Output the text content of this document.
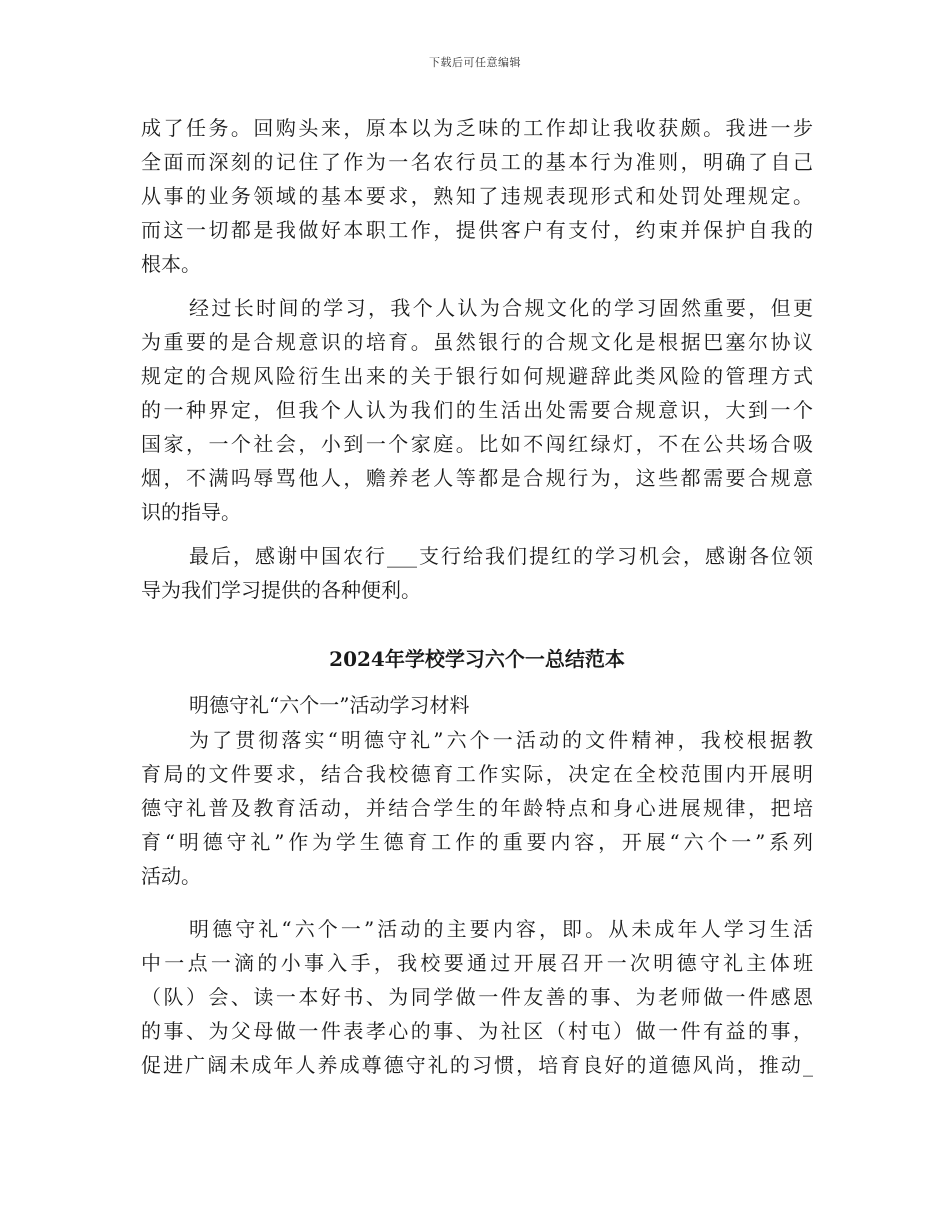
下载后可任意编辑
成了任务。回购头来，原本以为乏味的工作却让我收获颇。我进一步
全面而深刻的记住了作为一名农行员工的基本行为准则，明确了自己
从事的业务领域的基本要求，熟知了违规表现形式和处罚处理规定。
而这一切都是我做好本职工作，提供客户有支付，约束并保护自我的
根本。
经过长时间的学习，我个人认为合规文化的学习固然重要，但更
为重要的是合规意识的培育。虽然银行的合规文化是根据巴塞尔协议
规定的合规风险衍生出来的关于银行如何规避辞此类风险的管理方式
的一种界定，但我个人认为我们的生活出处需要合规意识，大到一个
国家，一个社会，小到一个家庭。比如不闯红绿灯，不在公共场合吸
烟，不满吗辱骂他人，赡养老人等都是合规行为，这些都需要合规意
识的指导。
最后，感谢中国农行___支行给我们提红的学习机会，感谢各位领
导为我们学习提供的各种便利。
2024年学校学习六个一总结范本
明德守礼“六个一”活动学习材料
为了贯彻落实“明德守礼”六个一活动的文件精神，我校根据教
育局的文件要求，结合我校德育工作实际，决定在全校范围内开展明
德守礼普及教育活动，并结合学生的年龄特点和身心进展规律，把培
育“明德守礼”作为学生德育工作的重要内容，开展“六个一”系列
活动。
明德守礼“六个一”活动的主要内容，即。从未成年人学习生活
中一点一滴的小事入手，我校要通过开展召开一次明德守礼主体班
（队）会、读一本好书、为同学做一件友善的事、为老师做一件感恩
的事、为父母做一件表孝心的事、为社区（村屯）做一件有益的事，
促进广阔未成年人养成尊德守礼的习惯，培育良好的道德风尚，推动_
